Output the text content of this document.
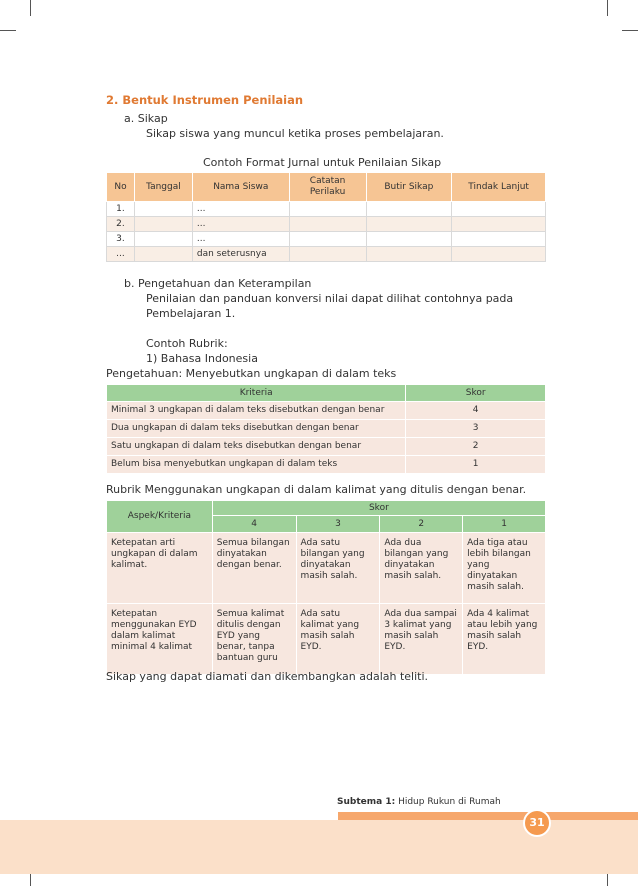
2. Bentuk Instrumen Penilaian
a. Sikap
Sikap siswa yang muncul ketika proses pembelajaran.
Contoh Format Jurnal untuk Penilaian Sikap
No	Tanggal	Nama Siswa	Catatan Perilaku	Butir Sikap	Tindak Lanjut
1.		...			
2.		...			
3.		...			
...		dan seterusnya			
b. Pengetahuan dan Keterampilan
Penilaian dan panduan konversi nilai dapat dilihat contohnya pada
Pembelajaran 1.
Contoh Rubrik:
1) Bahasa Indonesia
Pengetahuan: Menyebutkan ungkapan di dalam teks
Kriteria	Skor
Minimal 3 ungkapan di dalam teks disebutkan dengan benar	4
Dua ungkapan di dalam teks disebutkan dengan benar	3
Satu ungkapan di dalam teks disebutkan dengan benar	2
Belum bisa menyebutkan ungkapan di dalam teks	1
Rubrik Menggunakan ungkapan di dalam kalimat yang ditulis dengan benar.
Aspek/Kriteria	Skor			
	4	3	2	1
Ketepatan arti ungkapan di dalam kalimat.	Semua bilangan dinyatakan dengan benar.	Ada satu bilangan yang dinyatakan masih salah.	Ada dua bilangan yang dinyatakan masih salah.	Ada tiga atau lebih bilangan yang dinyatakan masih salah.
Ketepatan menggunakan EYD dalam kalimat minimal 4 kalimat	Semua kalimat ditulis dengan EYD yang benar, tanpa bantuan guru	Ada satu kalimat yang masih salah EYD.	Ada dua sampai 3 kalimat yang masih salah EYD.	Ada 4 kalimat atau lebih yang masih salah EYD.
Sikap yang dapat diamati dan dikembangkan adalah teliti.
Subtema 1: Hidup Rukun di Rumah
31
